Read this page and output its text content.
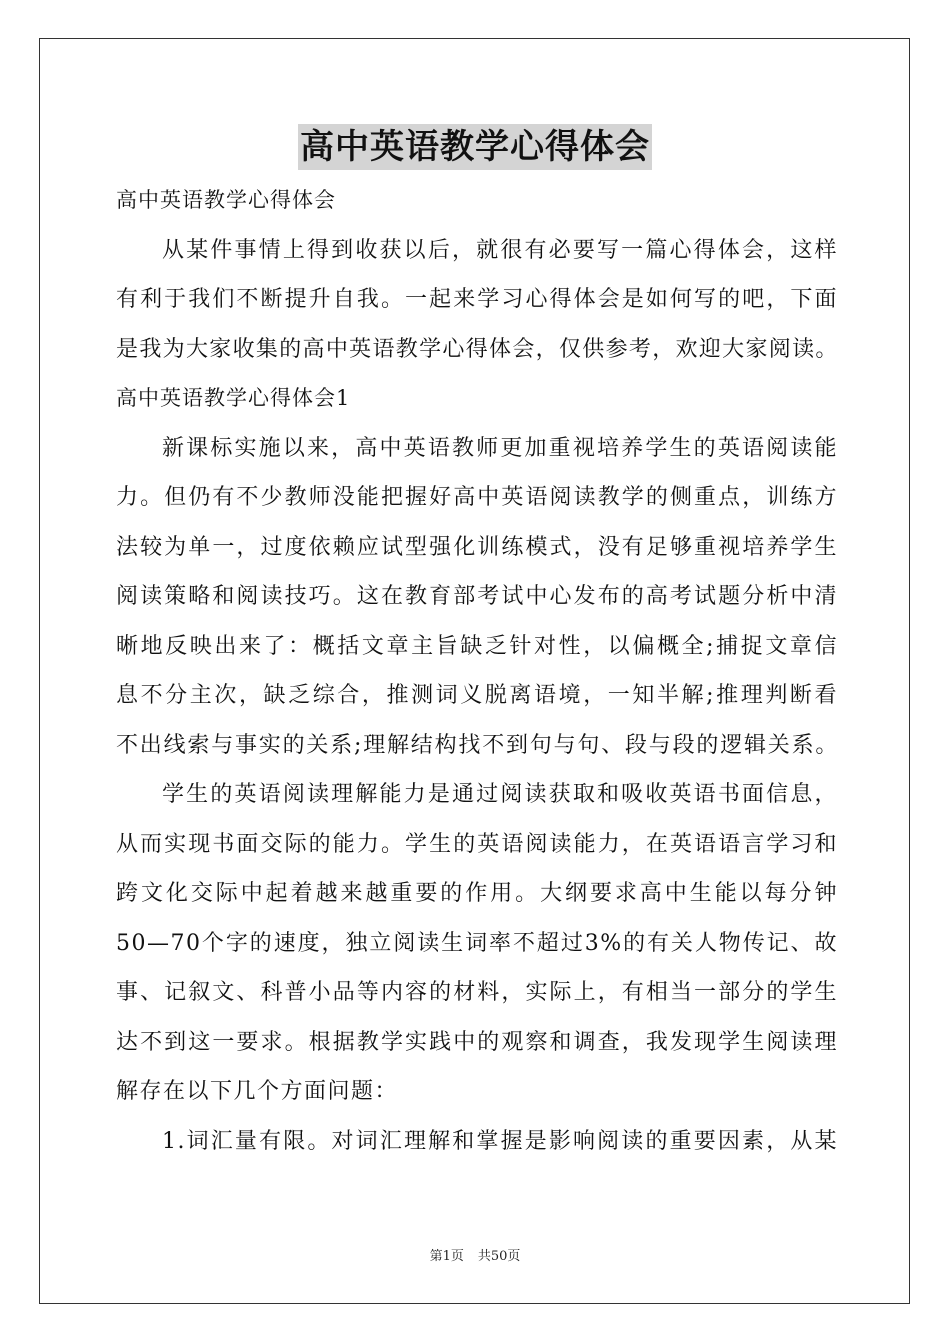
高中英语教学心得体会
高中英语教学心得体会
从某件事情上得到收获以后，就很有必要写一篇心得体会，这样
有利于我们不断提升自我。一起来学习心得体会是如何写的吧，下面
是我为大家收集的高中英语教学心得体会，仅供参考，欢迎大家阅读。
高中英语教学心得体会1
新课标实施以来，高中英语教师更加重视培养学生的英语阅读能
力。但仍有不少教师没能把握好高中英语阅读教学的侧重点，训练方
法较为单一，过度依赖应试型强化训练模式，没有足够重视培养学生
阅读策略和阅读技巧。这在教育部考试中心发布的高考试题分析中清
晰地反映出来了：概括文章主旨缺乏针对性，以偏概全;捕捉文章信
息不分主次，缺乏综合，推测词义脱离语境，一知半解;推理判断看
不出线索与事实的关系;理解结构找不到句与句、段与段的逻辑关系。
学生的英语阅读理解能力是通过阅读获取和吸收英语书面信息，
从而实现书面交际的能力。学生的英语阅读能力，在英语语言学习和
跨文化交际中起着越来越重要的作用。大纲要求高中生能以每分钟
50—70个字的速度，独立阅读生词率不超过3%的有关人物传记、故
事、记叙文、科普小品等内容的材料，实际上，有相当一部分的学生
达不到这一要求。根据教学实践中的观察和调查，我发现学生阅读理
解存在以下几个方面问题：
1.词汇量有限。对词汇理解和掌握是影响阅读的重要因素，从某
第1页 共50页
